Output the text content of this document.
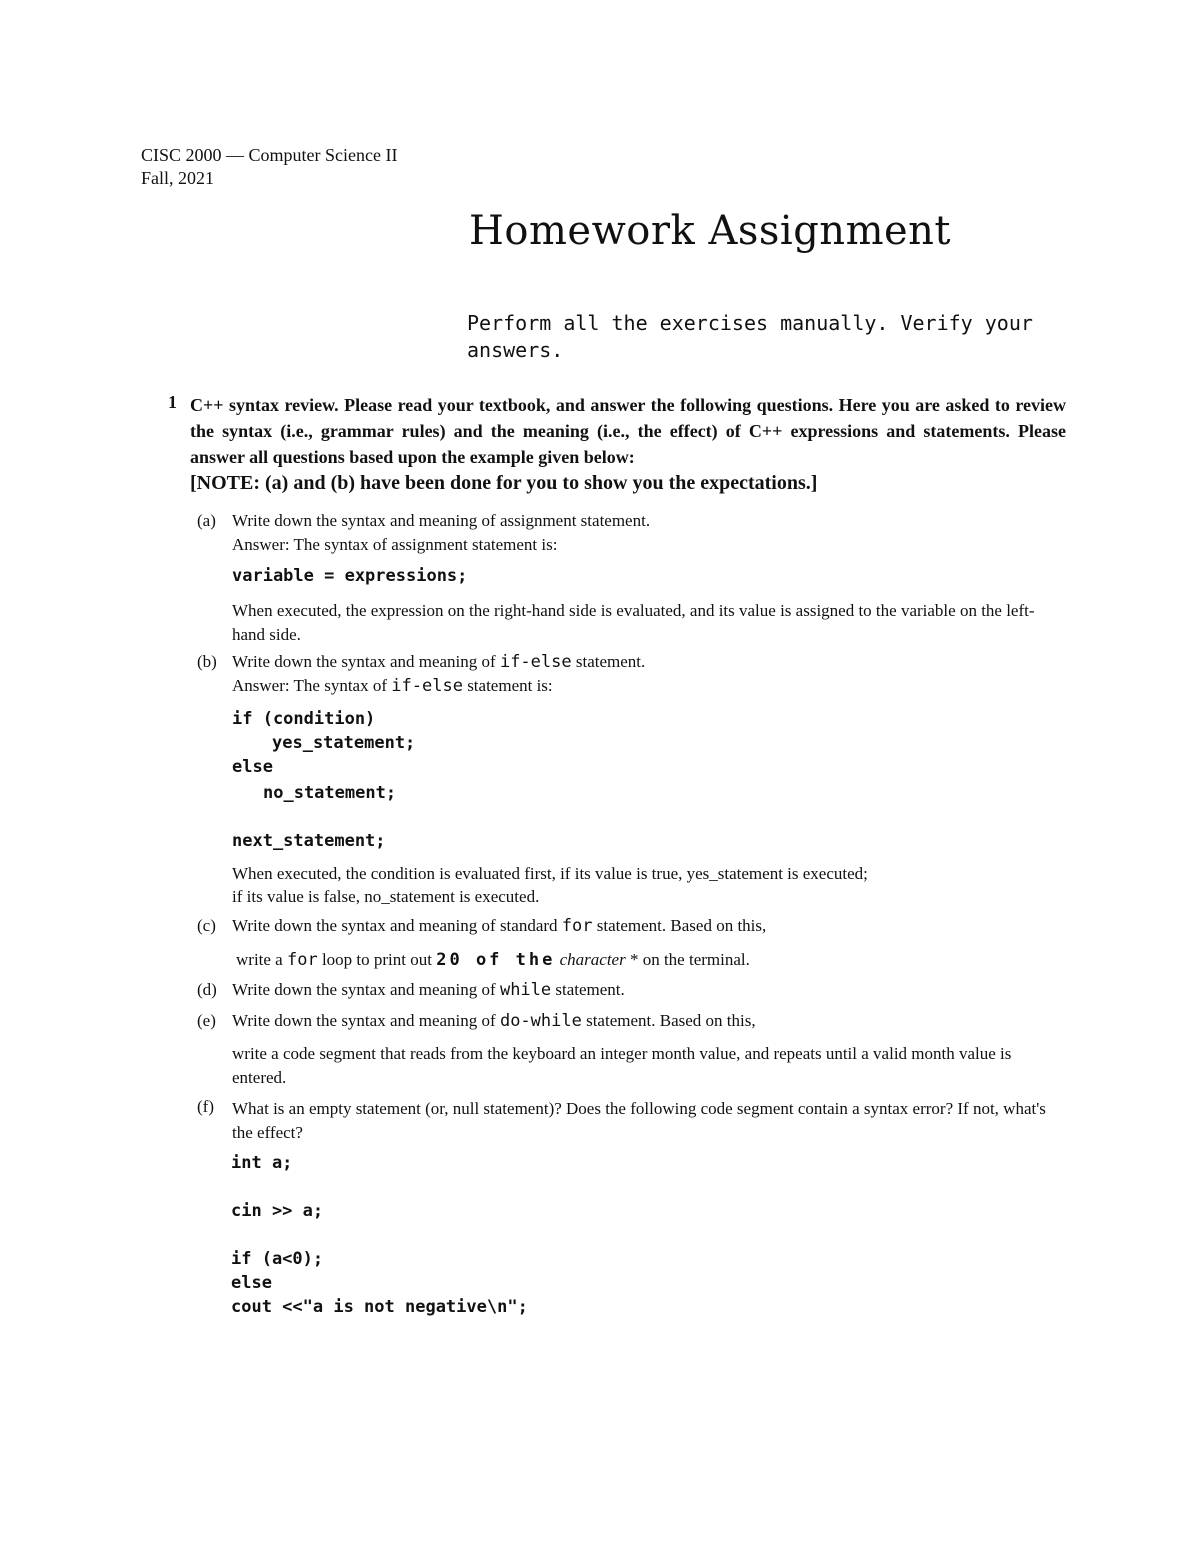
CISC 2000 — Computer Science II
Fall, 2021
Homework Assignment
Perform all the exercises manually. Verify your answers.
1 C++ syntax review. Please read your textbook, and answer the following questions. Here you are asked to review the syntax (i.e., grammar rules) and the meaning (i.e., the effect) of C++ expressions and statements. Please answer all questions based upon the example given below:
[NOTE: (a) and (b) have been done for you to show you the expectations.]
(a) Write down the syntax and meaning of assignment statement.
Answer: The syntax of assignment statement is:
variable = expressions;
When executed, the expression on the right-hand side is evaluated, and its value is assigned to the variable on the left-hand side.
(b) Write down the syntax and meaning of if-else statement.
Answer: The syntax of if-else statement is:
if (condition)
yes_statement;
else
no_statement;
next_statement;
When executed, the condition is evaluated first, if its value is true, yes_statement is executed;
if its value is false, no_statement is executed.
(c) Write down the syntax and meaning of standard for statement. Based on this,
write a for loop to print out 20 of the character * on the terminal.
(d) Write down the syntax and meaning of while statement.
(e) Write down the syntax and meaning of do-while statement. Based on this,
write a code segment that reads from the keyboard an integer month value, and repeats until a valid month value is entered.
(f) What is an empty statement (or, null statement)? Does the following code segment contain a syntax error? If not, what's the effect?
int a;
cin >> a;
if (a<0);
else
cout <<"a is not negative\n";
